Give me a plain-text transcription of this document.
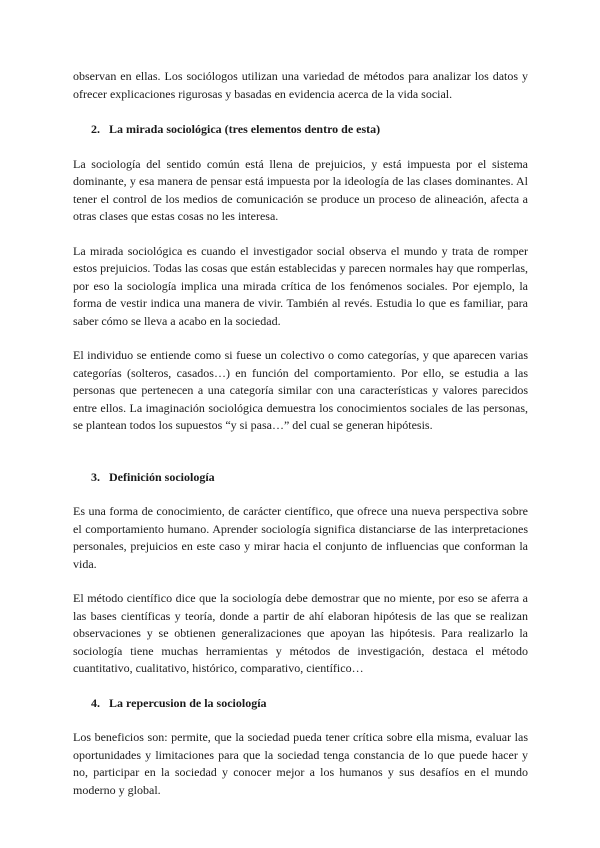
observan en ellas. Los sociólogos utilizan una variedad de métodos para analizar los datos y ofrecer explicaciones rigurosas y basadas en evidencia acerca de la vida social.

2. La mirada sociológica (tres elementos dentro de esta)

La sociología del sentido común está llena de prejuicios, y está impuesta por el sistema dominante, y esa manera de pensar está impuesta por la ideología de las clases dominantes. Al tener el control de los medios de comunicación se produce un proceso de alineación, afecta a otras clases que estas cosas no les interesa.

La mirada sociológica es cuando el investigador social observa el mundo y trata de romper estos prejuicios. Todas las cosas que están establecidas y parecen normales hay que romperlas, por eso la sociología implica una mirada crítica de los fenómenos sociales. Por ejemplo, la forma de vestir indica una manera de vivir. También al revés. Estudia lo que es familiar, para saber cómo se lleva a acabo en la sociedad.

El individuo se entiende como si fuese un colectivo o como categorías, y que aparecen varias categorías (solteros, casados…) en función del comportamiento. Por ello, se estudia a las personas que pertenecen a una categoría similar con una características y valores parecidos entre ellos. La imaginación sociológica demuestra los conocimientos sociales de las personas, se plantean todos los supuestos “y si pasa…” del cual se generan hipótesis.

3. Definición sociología

Es una forma de conocimiento, de carácter científico, que ofrece una nueva perspectiva sobre el comportamiento humano. Aprender sociología significa distanciarse de las interpretaciones personales, prejuicios en este caso y mirar hacia el conjunto de influencias que conforman la vida.

El método científico dice que la sociología debe demostrar que no miente, por eso se aferra a las bases científicas y teoría, donde a partir de ahí elaboran hipótesis de las que se realizan observaciones y se obtienen generalizaciones que apoyan las hipótesis. Para realizarlo la sociología tiene muchas herramientas y métodos de investigación, destaca el método cuantitativo, cualitativo, histórico, comparativo, científico…

4. La repercusion de la sociología

Los beneficios son: permite, que la sociedad pueda tener crítica sobre ella misma, evaluar las oportunidades y limitaciones para que la sociedad tenga constancia de lo que puede hacer y no, participar en la sociedad y conocer mejor a los humanos y sus desafíos en el mundo moderno y global.
